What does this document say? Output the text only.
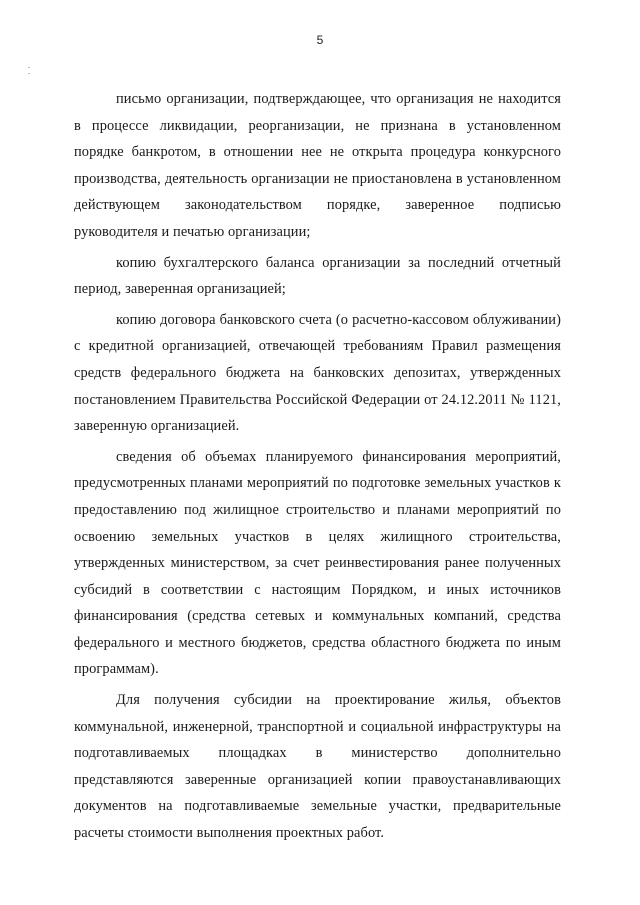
5

письмо организации, подтверждающее, что организация не находится в процессе ликвидации, реорганизации, не признана в установленном порядке банкротом, в отношении нее не открыта процедура конкурсного производства, деятельность организации не приостановлена в установленном действующем законодательством порядке, заверенное подписью руководителя и печатью организации;

копию бухгалтерского баланса организации за последний отчетный период, заверенная организацией;

копию договора банковского счета (о расчетно-кассовом облуживании) с кредитной организацией, отвечающей требованиям Правил размещения средств федерального бюджета на банковских депозитах, утвержденных постановлением Правительства Российской Федерации от 24.12.2011 № 1121, заверенную организацией.

сведения об объемах планируемого финансирования мероприятий, предусмотренных планами мероприятий по подготовке земельных участков к предоставлению под жилищное строительство и планами мероприятий по освоению земельных участков в целях жилищного строительства, утвержденных министерством, за счет реинвестирования ранее полученных субсидий в соответствии с настоящим Порядком, и иных источников финансирования (средства сетевых и коммунальных компаний, средства федерального и местного бюджетов, средства областного бюджета по иным программам).

Для получения субсидии на проектирование жилья, объектов коммунальной, инженерной, транспортной и социальной инфраструктуры на подготавливаемых площадках в министерство дополнительно представляются заверенные организацией копии правоустанавливающих документов на подготавливаемые земельные участки, предварительные расчеты стоимости выполнения проектных работ.
